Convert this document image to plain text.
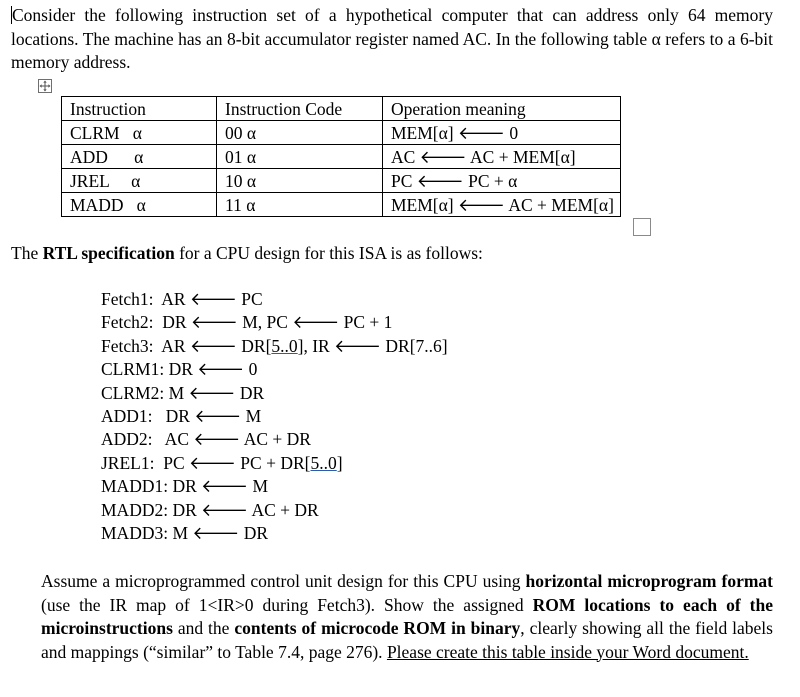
Consider the following instruction set of a hypothetical computer that can address only 64 memory locations. The machine has an 8-bit accumulator register named AC. In the following table α refers to a 6-bit memory address.

Instruction	Instruction Code	Operation meaning
CLRM   α	00 α	MEM[α] 🡐 0
ADD      α	01 α	AC 🡐 AC + MEM[α]
JREL     α	10 α	PC 🡐 PC + α
MADD   α	11 α	MEM[α] 🡐 AC + MEM[α]

The RTL specification for a CPU design for this ISA is as follows:

Fetch1:  AR 🡐 PC
Fetch2:  DR 🡐 M, PC 🡐 PC + 1
Fetch3:  AR 🡐 DR[5..0], IR 🡐 DR[7..6]
CLRM1: DR 🡐 0
CLRM2: M 🡐 DR
ADD1:   DR 🡐 M
ADD2:   AC 🡐 AC + DR
JREL1:  PC 🡐 PC + DR[5..0]
MADD1: DR 🡐 M
MADD2: DR 🡐 AC + DR
MADD3: M 🡐 DR

Assume a microprogrammed control unit design for this CPU using horizontal microprogram format (use the IR map of 1<IR>0 during Fetch3). Show the assigned ROM locations to each of the microinstructions and the contents of microcode ROM in binary, clearly showing all the field labels and mappings (“similar” to Table 7.4, page 276). Please create this table inside your Word document.
